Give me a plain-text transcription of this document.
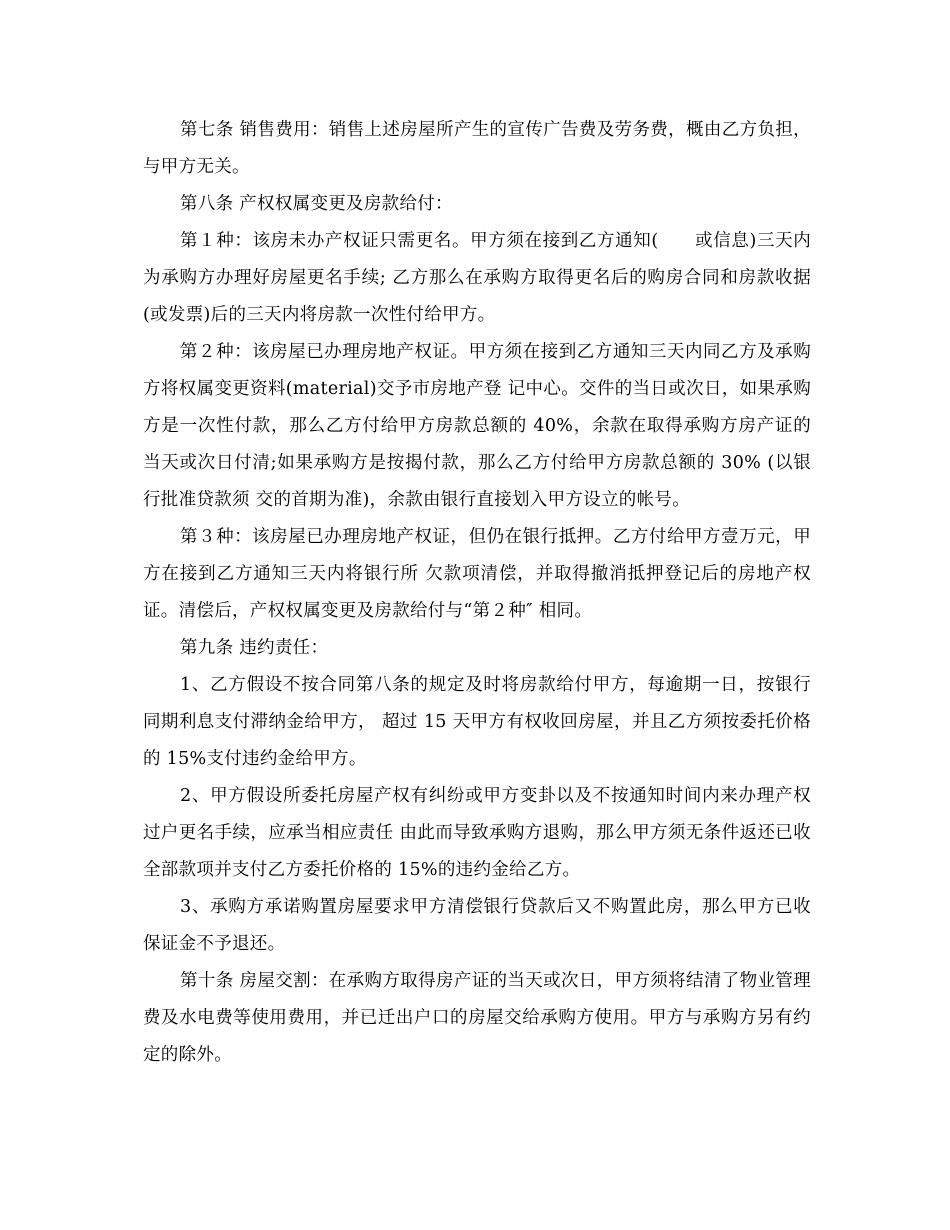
第七条 销售费用：销售上述房屋所产生的宣传广告费及劳务费，概由乙方负担，与甲方无关。

第八条 产权权属变更及房款给付：

第１种：该房未办产权证只需更名。甲方须在接到乙方通知(　　或信息)三天内为承购方办理好房屋更名手续; 乙方那么在承购方取得更名后的购房合同和房款收据(或发票)后的三天内将房款一次性付给甲方。

第２种：该房屋已办理房地产权证。甲方须在接到乙方通知三天内同乙方及承购方将权属变更资料(material)交予市房地产登 记中心。交件的当日或次日，如果承购方是一次性付款，那么乙方付给甲方房款总额的 40%，余款在取得承购方房产证的当天或次日付清;如果承购方是按揭付款，那么乙方付给甲方房款总额的 30% (以银行批准贷款须 交的首期为准)，余款由银行直接划入甲方设立的帐号。

第３种：该房屋已办理房地产权证，但仍在银行抵押。乙方付给甲方壹万元，甲方在接到乙方通知三天内将银行所 欠款项清偿，并取得撤消抵押登记后的房地产权证。清偿后，产权权属变更及房款给付与“第２种″ 相同。

第九条 违约责任：

1、乙方假设不按合同第八条的规定及时将房款给付甲方，每逾期一日，按银行同期利息支付滞纳金给甲方， 超过 15 天甲方有权收回房屋，并且乙方须按委托价格的 15%支付违约金给甲方。

2、甲方假设所委托房屋产权有纠纷或甲方变卦以及不按通知时间内来办理产权过户更名手续，应承当相应责任 由此而导致承购方退购，那么甲方须无条件返还已收全部款项并支付乙方委托价格的 15%的违约金给乙方。

3、承购方承诺购置房屋要求甲方清偿银行贷款后又不购置此房，那么甲方已收保证金不予退还。

第十条 房屋交割：在承购方取得房产证的当天或次日，甲方须将结清了物业管理费及水电费等使用费用，并已迁出户口的房屋交给承购方使用。甲方与承购方另有约定的除外。
